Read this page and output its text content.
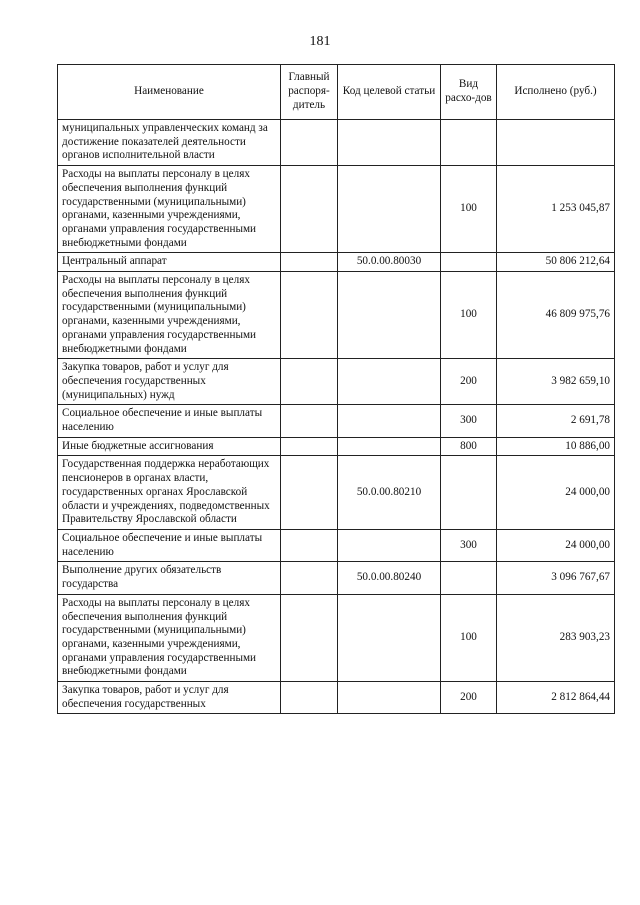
181
Наименование	Главный распоря-дитель	Код целевой статьи	Вид расхо-дов	Исполнено (руб.)
муниципальных управленческих команд за достижение показателей деятельности органов исполнительной власти				
Расходы на выплаты персоналу в целях обеспечения выполнения функций государственными (муниципальными) органами, казенными учреждениями, органами управления государственными внебюджетными фондами			100	1 253 045,87
Центральный аппарат		50.0.00.80030		50 806 212,64
Расходы на выплаты персоналу в целях обеспечения выполнения функций государственными (муниципальными) органами, казенными учреждениями, органами управления государственными внебюджетными фондами			100	46 809 975,76
Закупка товаров, работ и услуг для обеспечения государственных (муниципальных) нужд			200	3 982 659,10
Социальное обеспечение и иные выплаты населению			300	2 691,78
Иные бюджетные ассигнования			800	10 886,00
Государственная поддержка неработающих пенсионеров в органах власти, государственных органах Ярославской области и учреждениях, подведомственных Правительству Ярославской области		50.0.00.80210		24 000,00
Социальное обеспечение и иные выплаты населению			300	24 000,00
Выполнение других обязательств государства		50.0.00.80240		3 096 767,67
Расходы на выплаты персоналу в целях обеспечения выполнения функций государственными (муниципальными) органами, казенными учреждениями, органами управления государственными внебюджетными фондами			100	283 903,23
Закупка товаров, работ и услуг для обеспечения государственных			200	2 812 864,44
